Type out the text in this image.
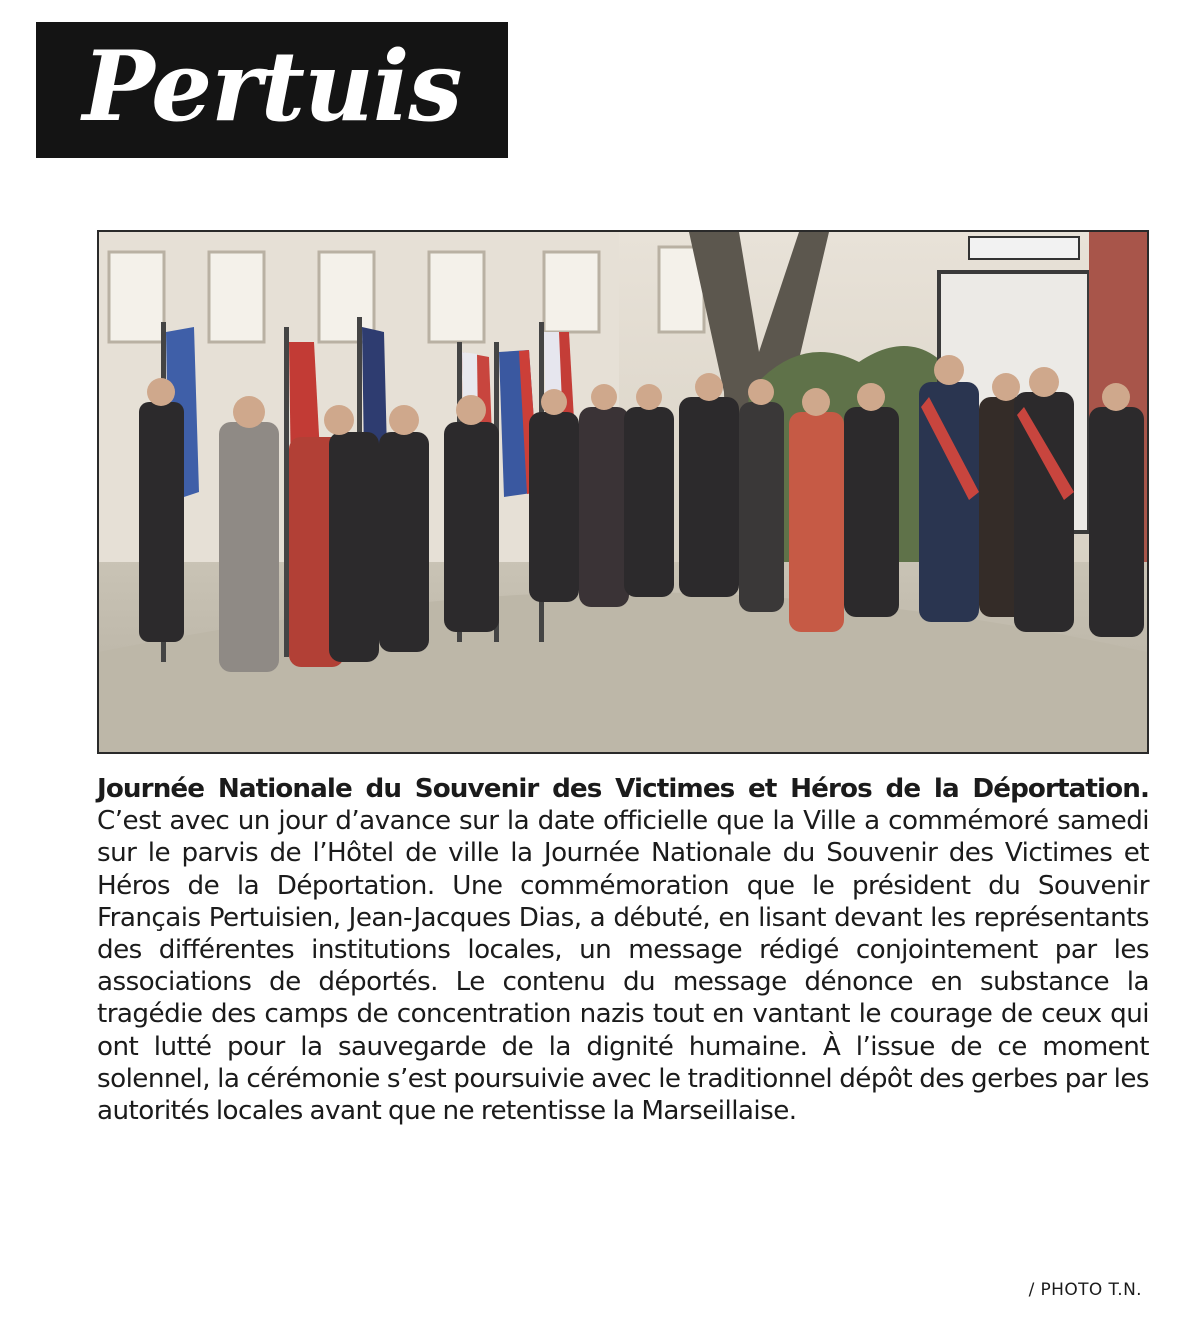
Pertuis

Journée Nationale du Souvenir des Victimes et Héros de la Déportation. C’est avec un jour d’avance sur la date officielle que la Ville a commémoré samedi sur le parvis de l’Hôtel de ville la Journée Nationale du Souvenir des Victimes et Héros de la Déportation. Une commémoration que le président du Souvenir Français Pertuisien, Jean-Jacques Dias, a débuté, en lisant devant les représentants des différentes institutions locales, un message rédigé conjointement par les associations de déportés. Le contenu du message dénonce en substance la tragédie des camps de concentration nazis tout en vantant le courage de ceux qui ont lutté pour la sauvegarde de la dignité humaine. À l’issue de ce moment solennel, la cérémonie s’est poursuivie avec le traditionnel dépôt des gerbes par les autorités locales avant que ne retentisse la Marseillaise.

/ PHOTO T.N.
